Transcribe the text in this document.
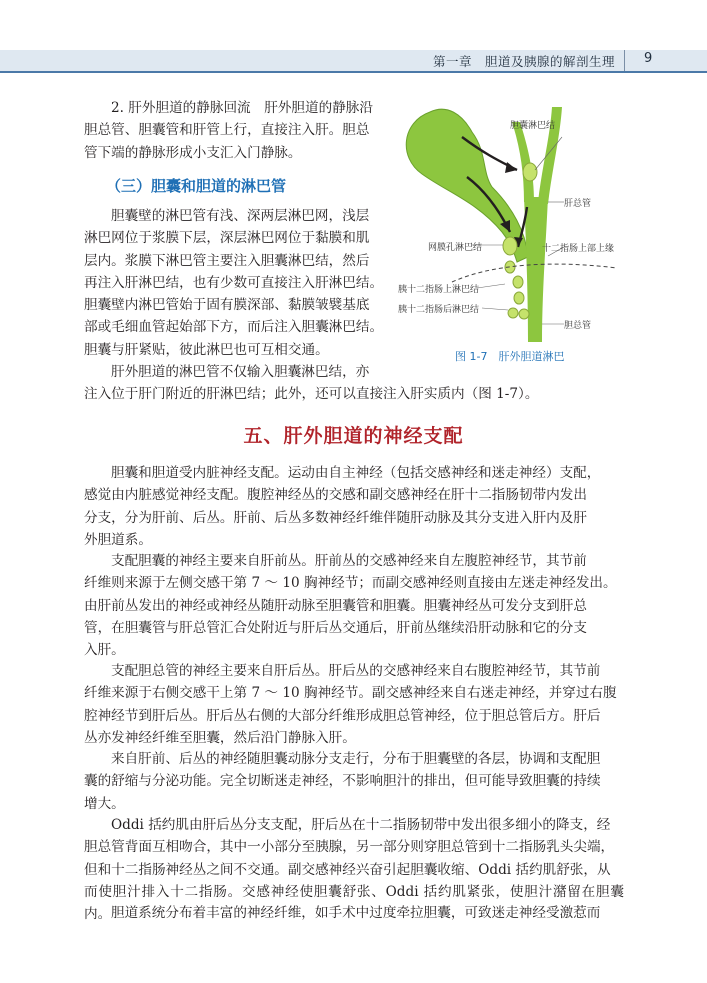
第一章　胆道及胰腺的解剖生理 9
2. 肝外胆道的静脉回流　肝外胆道的静脉沿
胆总管、胆囊管和肝管上行，直接注入肝。胆总
管下端的静脉形成小支汇入门静脉。
（三）胆囊和胆道的淋巴管
胆囊壁的淋巴管有浅、深两层淋巴网，浅层
淋巴网位于浆膜下层，深层淋巴网位于黏膜和肌
层内。浆膜下淋巴管主要注入胆囊淋巴结，然后
再注入肝淋巴结，也有少数可直接注入肝淋巴结。
胆囊壁内淋巴管始于固有膜深部、黏膜皱襞基底
部或毛细血管起始部下方，而后注入胆囊淋巴结。
胆囊与肝紧贴，彼此淋巴也可互相交通。
肝外胆道的淋巴管不仅输入胆囊淋巴结，亦
注入位于肝门附近的肝淋巴结；此外，还可以直接注入肝实质内（图 1-7）。
胆囊淋巴结
肝总管
网膜孔淋巴结	十二指肠上部上缘
胰十二指肠上淋巴结
胰十二指肠后淋巴结
胆总管
图 1-7　肝外胆道淋巴
五、肝外胆道的神经支配
胆囊和胆道受内脏神经支配。运动由自主神经（包括交感神经和迷走神经）支配，
感觉由内脏感觉神经支配。腹腔神经丛的交感和副交感神经在肝十二指肠韧带内发出
分支，分为肝前、后丛。肝前、后丛多数神经纤维伴随肝动脉及其分支进入肝内及肝
外胆道系。
支配胆囊的神经主要来自肝前丛。肝前丛的交感神经来自左腹腔神经节，其节前
纤维则来源于左侧交感干第 7 ～ 10 胸神经节；而副交感神经则直接由左迷走神经发出。
由肝前丛发出的神经或神经丛随肝动脉至胆囊管和胆囊。胆囊神经丛可发分支到肝总
管，在胆囊管与肝总管汇合处附近与肝后丛交通后，肝前丛继续沿肝动脉和它的分支
入肝。
支配胆总管的神经主要来自肝后丛。肝后丛的交感神经来自右腹腔神经节，其节前
纤维来源于右侧交感干上第 7 ～ 10 胸神经节。副交感神经来自右迷走神经，并穿过右腹
腔神经节到肝后丛。肝后丛右侧的大部分纤维形成胆总管神经，位于胆总管后方。肝后
丛亦发神经纤维至胆囊，然后沿门静脉入肝。
来自肝前、后丛的神经随胆囊动脉分支走行，分布于胆囊壁的各层，协调和支配胆
囊的舒缩与分泌功能。完全切断迷走神经，不影响胆汁的排出，但可能导致胆囊的持续
增大。
Oddi 括约肌由肝后丛分支支配，肝后丛在十二指肠韧带中发出很多细小的降支，经
胆总管背面互相吻合，其中一小部分至胰腺，另一部分则穿胆总管到十二指肠乳头尖端，
但和十二指肠神经丛之间不交通。副交感神经兴奋引起胆囊收缩、Oddi 括约肌舒张，从
而使胆汁排入十二指肠。交感神经使胆囊舒张、Oddi 括约肌紧张，使胆汁潴留在胆囊内。 胆道系统分布着丰富的神经纤维，如手术中过度牵拉胆囊，可致迷走神经受激惹而
